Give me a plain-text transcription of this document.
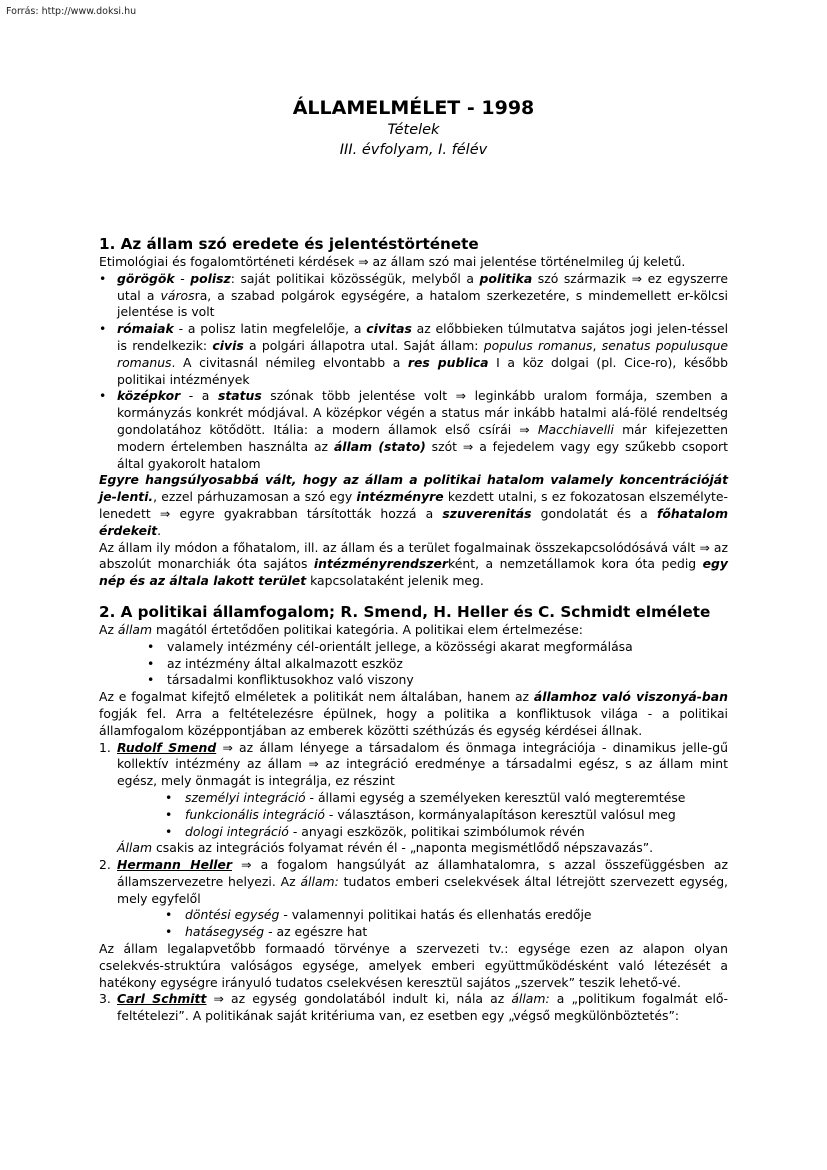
Forrás: http://www.doksi.hu
ÁLLAMELMÉLET - 1998
Tételek
III. évfolyam, I. félév
1. Az állam szó eredete és jelentéstörténete

Etimológiai és fogalomtörténeti kérdések ⇒ az állam szó mai jelentése történelmileg új keletű.

• görögök - polisz: saját politikai közösségük, melyből a politika szó származik ⇒ ez egyszerre utal a városra, a szabad polgárok egységére, a hatalom szerkezetére, s mindemellett er-kölcsi jelentése is volt
• rómaiak - a polisz latin megfelelője, a civitas az előbbieken túlmutatva sajátos jogi jelen-téssel is rendelkezik: civis a polgári állapotra utal. Saját állam: populus romanus, senatus populusque romanus. A civitasnál némileg elvontabb a res publica I a köz dolgai (pl. Cice-ro), később politikai intézmények
• középkor - a status szónak több jelentése volt ⇒ leginkább uralom formája, szemben a kormányzás konkrét módjával. A középkor végén a status már inkább hatalmi alá-fölé rendeltség gondolatához kötődött. Itália: a modern államok első csírái ⇒ Macchiavelli már kifejezetten modern értelemben használta az állam (stato) szót ⇒ a fejedelem vagy egy szűkebb csoport által gyakorolt hatalom

Egyre hangsúlyosabbá vált, hogy az állam a politikai hatalom valamely koncentrációját je-lenti., ezzel párhuzamosan a szó egy intézményre kezdett utalni, s ez fokozatosan elszemélyte-lenedett ⇒ egyre gyakrabban társították hozzá a szuverenitás gondolatát és a főhatalom érdekeit.

Az állam ily módon a főhatalom, ill. az állam és a terület fogalmainak összekapcsolódósává vált ⇒ az abszolút monarchiák óta sajátos intézményrendszerként, a nemzetállamok kora óta pedig egy nép és az általa lakott terület kapcsolataként jelenik meg.

2. A politikai államfogalom; R. Smend, H. Heller és C. Schmidt elmélete

Az állam magától értetődően politikai kategória. A politikai elem értelmezése:

• valamely intézmény cél-orientált jellege, a közösségi akarat megformálása
• az intézmény által alkalmazott eszköz
• társadalmi konfliktusokhoz való viszony

Az e fogalmat kifejtő elméletek a politikát nem általában, hanem az államhoz való viszonyá-ban fogják fel. Arra a feltételezésre épülnek, hogy a politika a konfliktusok világa - a politikai államfogalom középpontjában az emberek közötti széthúzás és egység kérdései állnak.

1. Rudolf Smend ⇒ az állam lényege a társadalom és önmaga integrációja - dinamikus jelle-gű kollektív intézmény az állam ⇒ az integráció eredménye a társadalmi egész, s az állam mint egész, mely önmagát is integrálja, ez részint
• személyi integráció - állami egység a személyeken keresztül való megteremtése
• funkcionális integráció - választáson, kormányalapításon keresztül valósul meg
• dologi integráció - anyagi eszközök, politikai szimbólumok révén
Állam csakis az integrációs folyamat révén él - „naponta megismétlődő népszavazás”.
2. Hermann Heller ⇒ a fogalom hangsúlyát az államhatalomra, s azzal összefüggésben az államszervezetre helyezi. Az állam: tudatos emberi cselekvések által létrejött szervezett egység, mely egyfelől
• döntési egység - valamennyi politikai hatás és ellenhatás eredője
• hatásegység - az egészre hat

Az állam legalapvetőbb formaadó törvénye a szervezeti tv.: egysége ezen az alapon olyan cselekvés-struktúra valóságos egysége, amelyek emberi együttműködésként való létezését a hatékony egységre irányuló tudatos cselekvésen keresztül sajátos „szervek” teszik lehető-vé.

3. Carl Schmitt ⇒ az egység gondolatából indult ki, nála az állam: a „politikum fogalmát elő-feltételezi”. A politikának saját kritériuma van, ez esetben egy „végső megkülönböztetés”:
